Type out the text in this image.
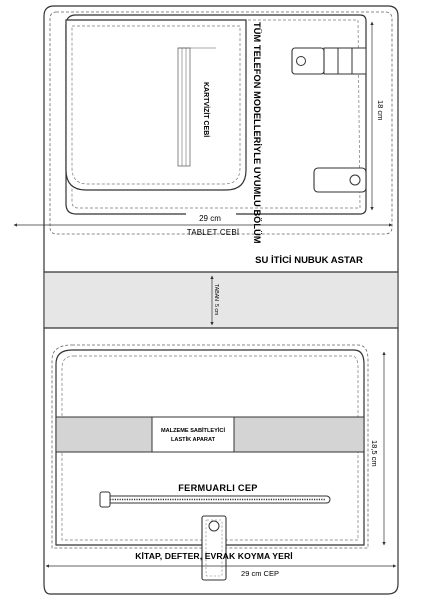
TÜM TELEFON MODELLERİYLE UYUMLU BÖLÜM
KARTVİZİT CEBİ	18 cm
29 cm
TABLET CEBİ
SU İTİCİ NUBUK ASTAR
TABAN
5 cm
MALZEME SABİTLEYİCİ
LASTİK APARAT
FERMUARLI CEP
18,5 cm
KİTAP, DEFTER, EVRAK KOYMA YERİ
29 cm CEP
